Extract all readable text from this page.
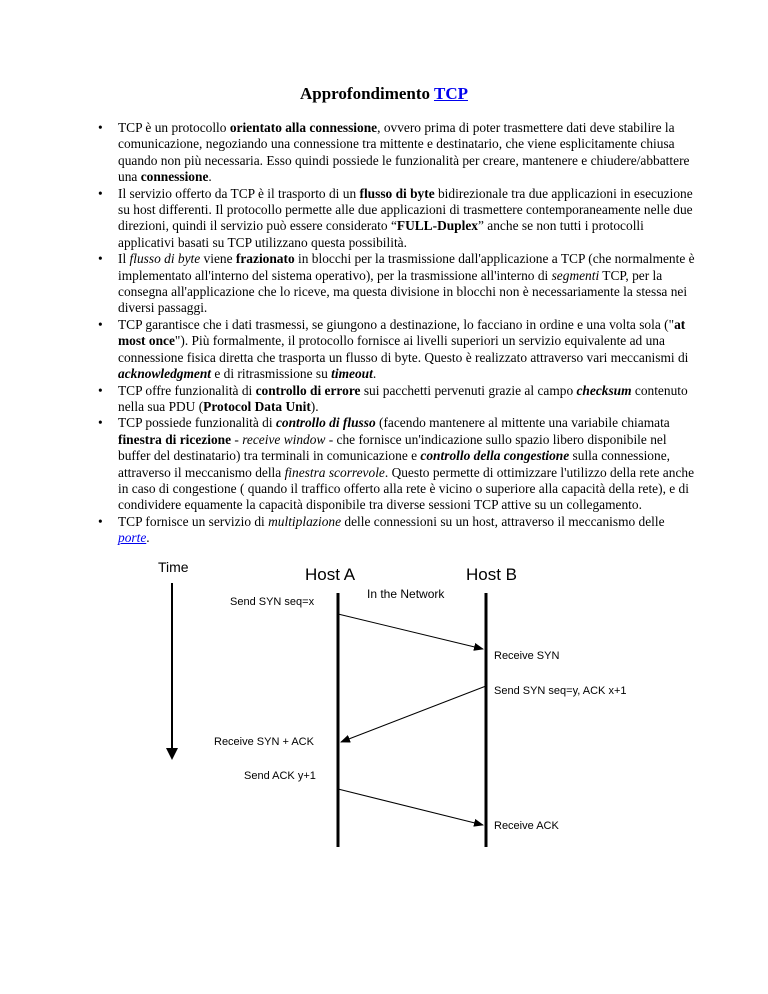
Approfondimento TCP
• TCP è un protocollo orientato alla connessione, ovvero prima di poter trasmettere dati deve stabilire la comunicazione, negoziando una connessione tra mittente e destinatario, che viene esplicitamente chiusa quando non più necessaria. Esso quindi possiede le funzionalità per creare, mantenere e chiudere/abbattere una connessione.
• Il servizio offerto da TCP è il trasporto di un flusso di byte bidirezionale tra due applicazioni in esecuzione su host differenti. Il protocollo permette alle due applicazioni di trasmettere contemporaneamente nelle due direzioni, quindi il servizio può essere considerato “FULL-Duplex” anche se non tutti i protocolli applicativi basati su TCP utilizzano questa possibilità.
• Il flusso di byte viene frazionato in blocchi per la trasmissione dall'applicazione a TCP (che normalmente è implementato all'interno del sistema operativo), per la trasmissione all'interno di segmenti TCP, per la consegna all'applicazione che lo riceve, ma questa divisione in blocchi non è necessariamente la stessa nei diversi passaggi.
• TCP garantisce che i dati trasmessi, se giungono a destinazione, lo facciano in ordine e una volta sola ("at most once"). Più formalmente, il protocollo fornisce ai livelli superiori un servizio equivalente ad una connessione fisica diretta che trasporta un flusso di byte. Questo è realizzato attraverso vari meccanismi di acknowledgment e di ritrasmissione su timeout.
• TCP offre funzionalità di controllo di errore sui pacchetti pervenuti grazie al campo checksum contenuto nella sua PDU (Protocol Data Unit).
• TCP possiede funzionalità di controllo di flusso (facendo mantenere al mittente una variabile chiamata finestra di ricezione - receive window - che fornisce un'indicazione sullo spazio libero disponibile nel buffer del destinatario) tra terminali in comunicazione e controllo della congestione sulla connessione, attraverso il meccanismo della finestra scorrevole. Questo permette di ottimizzare l'utilizzo della rete anche in caso di congestione ( quando il traffico offerto alla rete è vicino o superiore alla capacità della rete), e di condividere equamente la capacità disponibile tra diverse sessioni TCP attive su un collegamento.
• TCP fornisce un servizio di multiplazione delle connessioni su un host, attraverso il meccanismo delle porte.
Time	Host A	Host B
In the Network
Send SYN seq=x
Receive SYN
Send SYN seq=y, ACK x+1
Receive SYN + ACK
Send ACK y+1
Receive ACK
